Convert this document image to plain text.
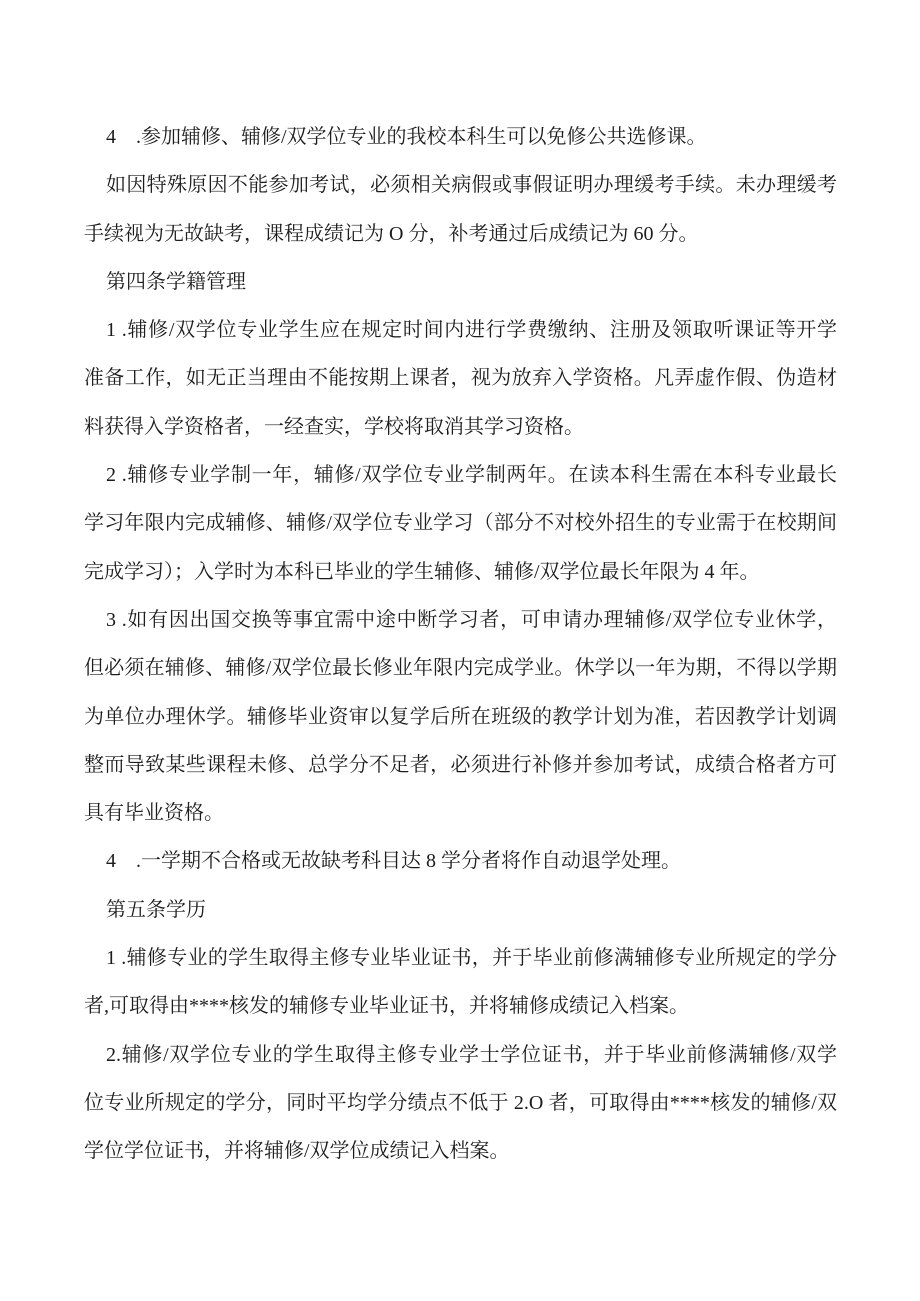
4　.参加辅修、辅修/双学位专业的我校本科生可以免修公共选修课。
如因特殊原因不能参加考试，必须相关病假或事假证明办理缓考手续。未办理缓考
手续视为无故缺考，课程成绩记为 O 分，补考通过后成绩记为 60 分。
第四条学籍管理
1 .辅修/双学位专业学生应在规定时间内进行学费缴纳、注册及领取听课证等开学
准备工作，如无正当理由不能按期上课者，视为放弃入学资格。凡弄虚作假、伪造材
料获得入学资格者，一经查实，学校将取消其学习资格。
2 .辅修专业学制一年，辅修/双学位专业学制两年。在读本科生需在本科专业最长
学习年限内完成辅修、辅修/双学位专业学习（部分不对校外招生的专业需于在校期间
完成学习）；入学时为本科已毕业的学生辅修、辅修/双学位最长年限为 4 年。
3 .如有因出国交换等事宜需中途中断学习者，可申请办理辅修/双学位专业休学，
但必须在辅修、辅修/双学位最长修业年限内完成学业。休学以一年为期，不得以学期
为单位办理休学。辅修毕业资审以复学后所在班级的教学计划为准，若因教学计划调
整而导致某些课程未修、总学分不足者，必须进行补修并参加考试，成绩合格者方可
具有毕业资格。
4　.一学期不合格或无故缺考科目达 8 学分者将作自动退学处理。
第五条学历
1 .辅修专业的学生取得主修专业毕业证书，并于毕业前修满辅修专业所规定的学分
者,可取得由****核发的辅修专业毕业证书，并将辅修成绩记入档案。
2.辅修/双学位专业的学生取得主修专业学士学位证书，并于毕业前修满辅修/双学
位专业所规定的学分，同时平均学分绩点不低于 2.O 者，可取得由****核发的辅修/双
学位学位证书，并将辅修/双学位成绩记入档案。
